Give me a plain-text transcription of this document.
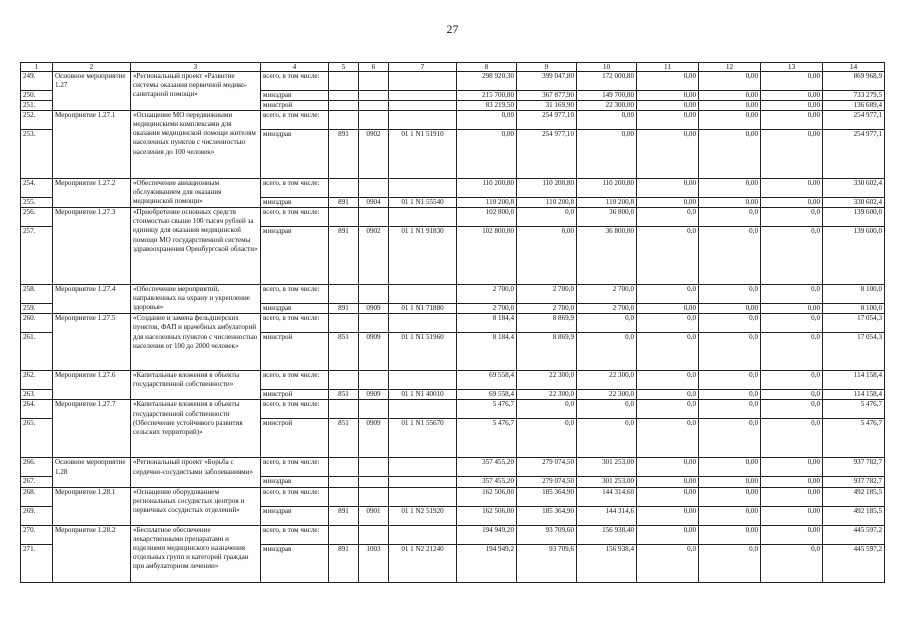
27
1	2	3	4	5	6	7	8	9	10	11	12	13	14
249.	Основное мероприятие 1.27	«Региональный проект «Развитие системы оказания первичной медико-санитарной помощи»	всего, в том числе:				298 920,30	399 047,80	172 000,80	0,00	0,00	0,00	869 968,9
250.			минздрав				215 700,80	367 877,90	149 700,80	0,00	0,00	0,00	733 279,5
251.			минстрой				83 219,50	31 169,90	22 300,00	0,00	0,00	0,00	136 689,4
252.	Мероприятие 1.27.1	«Оснащение МО передвижными медицинскими комплексами для оказания медицинской помощи жителям населенных пунктов с численностью населения до 100 человек»	всего, в том числе:				0,00	254 977,10	0,00	0,00	0,00	0,00	254 977,1
253.			минздрав	891	0902	01 1 N1 51910	0,00	254 977,10	0,00	0,00	0,00	0,00	254 977,1
254.	Мероприятие 1.27.2	«Обеспечение авиационным обслуживанием для оказания медицинской помощи»	всего, в том числе:				110 200,80	110 200,80	110 200,80	0,00	0,00	0,00	330 602,4
255.			минздрав	891	0904	01 1 N1 55540	110 200,8	110 200,8	110 200,8	0,00	0,00	0,00	330 602,4
256.	Мероприятие 1.27.3	«Приобретение основных средств стоимостью свыше 100 тысяч рублей за единицу для оказания медицинской помощи МО государственной системы здравоохранения Оренбургской области»	всего, в том числе:				102 800,0	0,0	36 800,0	0,0	0,0	0,0	139 600,0
257.			минздрав	891	0902	01 1 N1 91830	102 800,00	0,00	36 800,00	0,0	0,0	0,0	139 600,0
258.	Мероприятие 1.27.4	«Обеспечение мероприятий, направленных на охрану и укрепление здоровья»	всего, в том числе:				2 700,0	2 700,0	2 700,0	0,0	0,0	0,0	8 100,0
259.			минздрав	891	0909	01 1 N1 71880	2 700,0	2 700,0	2 700,0	0,00	0,00	0,00	8 100,0
260.	Мероприятие 1.27.5	«Создание и замена фельдшерских пунктов, ФАП и врачебных амбулаторий для населенных пунктов с численностью населения от 100 до 2000 человек»	всего, в том числе:				8 184,4	8 869,9	0,0	0,0	0,0	0,0	17 054,3
261.			минстрой	851	0909	01 1 N1 51960	8 184,4	8 869,9	0,0	0,0	0,0	0,0	17 054,3
262.	Мероприятие 1.27.6	«Капитальные вложения в объекты государственной собственности»	всего, в том числе:				69 558,4	22 300,0	22 300,0	0,0	0,0	0,0	114 158,4
263.			минстрой	851	0909	01 1 N1 40010	69 558,4	22 300,0	22 300,0	0,0	0,0	0,0	114 158,4
264.	Мероприятие 1.27.7	«Капитальные вложения в объекты государственной собственности (Обеспечение устойчивого развития сельских территорий)»	всего, в том числе:				5 476,7	0,0	0,0	0,0	0,0	0,0	5 476,7
265.			минстрой	851	0909	01 1 N1 55670	5 476,7	0,0	0,0	0,0	0,0	0,0	5 476,7
266.	Основное мероприятие 1.28	«Региональный проект «Борьба с сердечно-сосудистыми заболеваниями»	всего, в том числе:				357 455,20	279 074,50	301 253,00	0,00	0,00	0,00	937 782,7
267.			минздрав				357 455,20	279 074,50	301 253,00	0,00	0,00	0,00	937 782,7
268.	Мероприятие 1.28.1	«Оснащение оборудованием региональных сосудистых центров и первичных сосудистых отделений»	всего, в том числе:				162 506,00	185 364,90	144 314,60	0,00	0,00	0,00	492 185,5
269.			минздрав	891	0901	01 1 N2 51920	162 506,00	185 364,90	144 314,6	0,00	0,00	0,00	492 185,5
270.	Мероприятие 1.28.2	«Бесплатное обеспечение лекарственными препаратами и изделиями медицинского назначения отдельных групп и категорий граждан при амбулаторном лечении»	всего, в том числе:				194 949,20	93 709,60	156 938,40	0,00	0,00	0,00	445 597,2
271.			минздрав	891	1003	01 1 N2 21240	194 949,2	93 709,6	156 938,4	0,0	0,0	0,0	445 597,2
